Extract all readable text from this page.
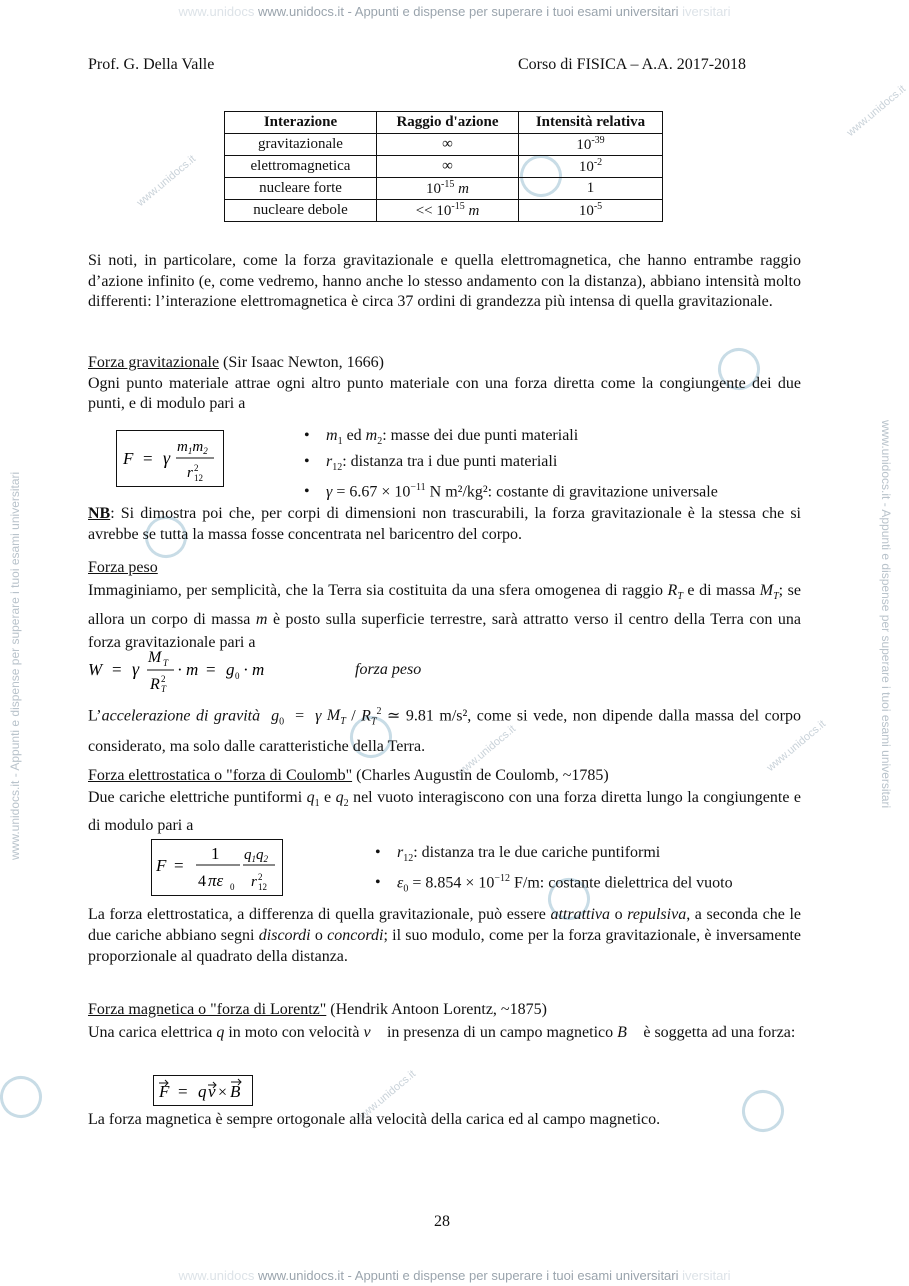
www.unidocs www.unidocs.it - Appunti e dispense per superare i tuoi esami universitari iversitari
www.unidocs www.unidocs.it - Appunti e dispense per superare i tuoi esami universitari iversitari
www.unidocs.it - Appunti e dispense per superare i tuoi esami universitari	www.unidocs.it - Appunti e dispense per superare i tuoi esami universitari
www.unidocs.it
www.unidocs.it	www.unidocs.it
www.unidocs.it
www.unidocs.it
Prof. G. Della Valle	Corso di FISICA – A.A. 2017-2018
Interazione	Raggio d'azione	Intensità relativa
gravitazionale	∞	$10^{-39}$
elettromagnetica	∞	$10^{-2}$
nucleare forte	$10^{-15}$ m	1
nucleare debole	<< $10^{-15}$ m	$10^{-5}$
Si noti, in particolare, come la forza gravitazionale e quella elettromagnetica, che hanno entrambe raggio d’azione infinito (e, come vedremo, hanno anche lo stesso andamento con la distanza), abbiano intensità molto differenti: l’interazione elettromagnetica è circa 37 ordini di grandezza più intensa di quella gravitazionale.
Forza gravitazionale (Sir Isaac Newton, 1666)
Ogni punto materiale attrae ogni altro punto materiale con una forza diretta come la congiungente dei due punti, e di modulo pari a
F = γ
$m_1m_2$
r 2
12
• $m_1$ ed $m_2$: masse dei due punti materiali
• $r_{12}$: distanza tra i due punti materiali
• $\gamma = 6.67 \times 10^{-11}$ N m²/kg²: costante di gravitazione universale
NB: Si dimostra poi che, per corpi di dimensioni non trascurabili, la forza gravitazionale è la stessa che si avrebbe se tutta la massa fosse concentrata nel baricentro del corpo.
Forza peso
Immaginiamo, per semplicità, che la Terra sia costituita da una sfera omogenea di raggio $R_T$ e di massa $M_T$; se allora un corpo di massa m è posto sulla superficie terrestre, sarà attratto verso il centro della Terra con una forza gravitazionale pari a
W = γ
M T
R 2
T
· m = g 0 · m	forza peso
L’accelerazione di gravità $g_0 = \gamma$ $M_T / R_T^2$ ≃ 9.81 m/s², come si vede, non dipende dalla massa del corpo considerato, ma solo dalle caratteristiche della Terra.
Forza elettrostatica o "forza di Coulomb" (Charles Augustin de Coulomb, ~1785)
Due cariche elettriche puntiformi $q_1$ e $q_2$ nel vuoto interagiscono con una forza diretta lungo la congiungente e di modulo pari a
F =
1
4 πε 0
$q_1q_2$
r 2
12
• $r_{12}$: distanza tra le due cariche puntiformi
• $\varepsilon_0 = 8.854 \times 10^{-12}$ F/m: costante dielettrica del vuoto
La forza elettrostatica, a differenza di quella gravitazionale, può essere attrattiva o repulsiva, a seconda che le due cariche abbiano segni discordi o concordi; il suo modulo, come per la forza gravitazionale, è inversamente proporzionale al quadrato della distanza.
Forza magnetica o "forza di Lorentz" (Hendrik Antoon Lorentz, ~1875)
Una carica elettrica q in moto con velocità v⃗ in presenza di un campo magnetico B⃗ è soggetta ad una forza:
F = q v × B
La forza magnetica è sempre ortogonale alla velocità della carica ed al campo magnetico.
28
